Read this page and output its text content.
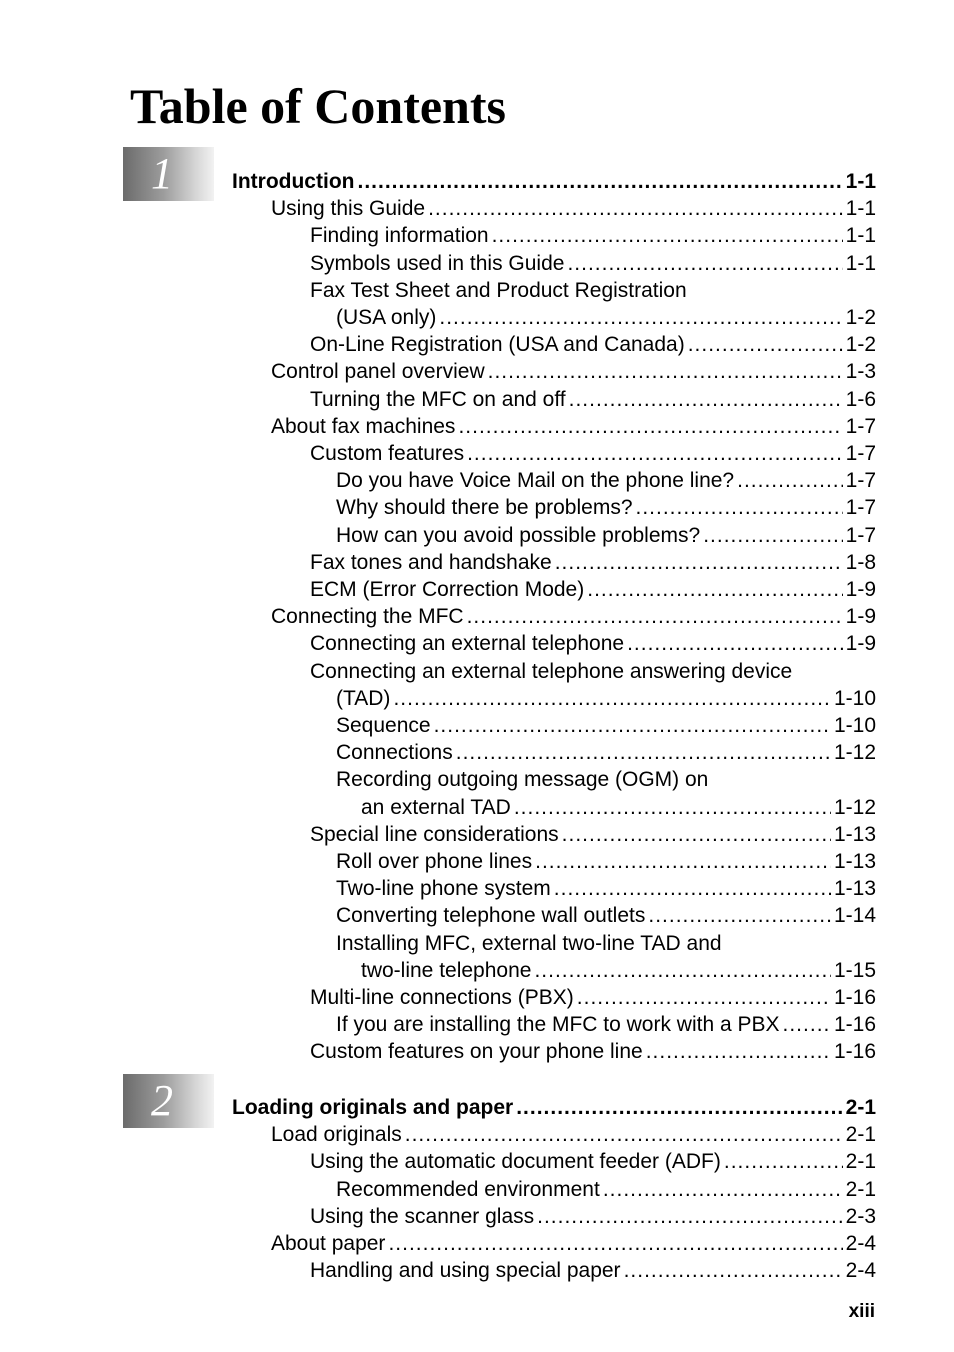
Table of Contents
1	Introduction .....	1-1
Using this Guide .....	1-1
Finding information .....	1-1
Symbols used in this Guide .....	1-1
Fax Test Sheet and Product Registration
(USA only) .....	1-2
On-Line Registration (USA and Canada) .....	1-2
Control panel overview .....	1-3
Turning the MFC on and off .....	1-6
About fax machines .....	1-7
Custom features .....	1-7
Do you have Voice Mail on the phone line? .....	1-7
Why should there be problems? .....	1-7
How can you avoid possible problems? .....	1-7
Fax tones and handshake .....	1-8
ECM (Error Correction Mode) .....	1-9
Connecting the MFC .....	1-9
Connecting an external telephone .....	1-9
Connecting an external telephone answering device
(TAD) .....	1-10
Sequence .....	1-10
Connections .....	1-12
Recording outgoing message (OGM) on
an external TAD .....	1-12
Special line considerations .....	1-13
Roll over phone lines .....	1-13
Two-line phone system .....	1-13
Converting telephone wall outlets .....	1-14
Installing MFC, external two-line TAD and
two-line telephone .....	1-15
Multi-line connections (PBX) .....	1-16
If you are installing the MFC to work with a PBX .....	1-16
Custom features on your phone line .....	1-16
2	Loading originals and paper .....	2-1
Load originals .....	2-1
Using the automatic document feeder (ADF) .....	2-1
Recommended environment .....	2-1
Using the scanner glass .....	2-3
About paper .....	2-4
Handling and using special paper .....	2-4
xiii
